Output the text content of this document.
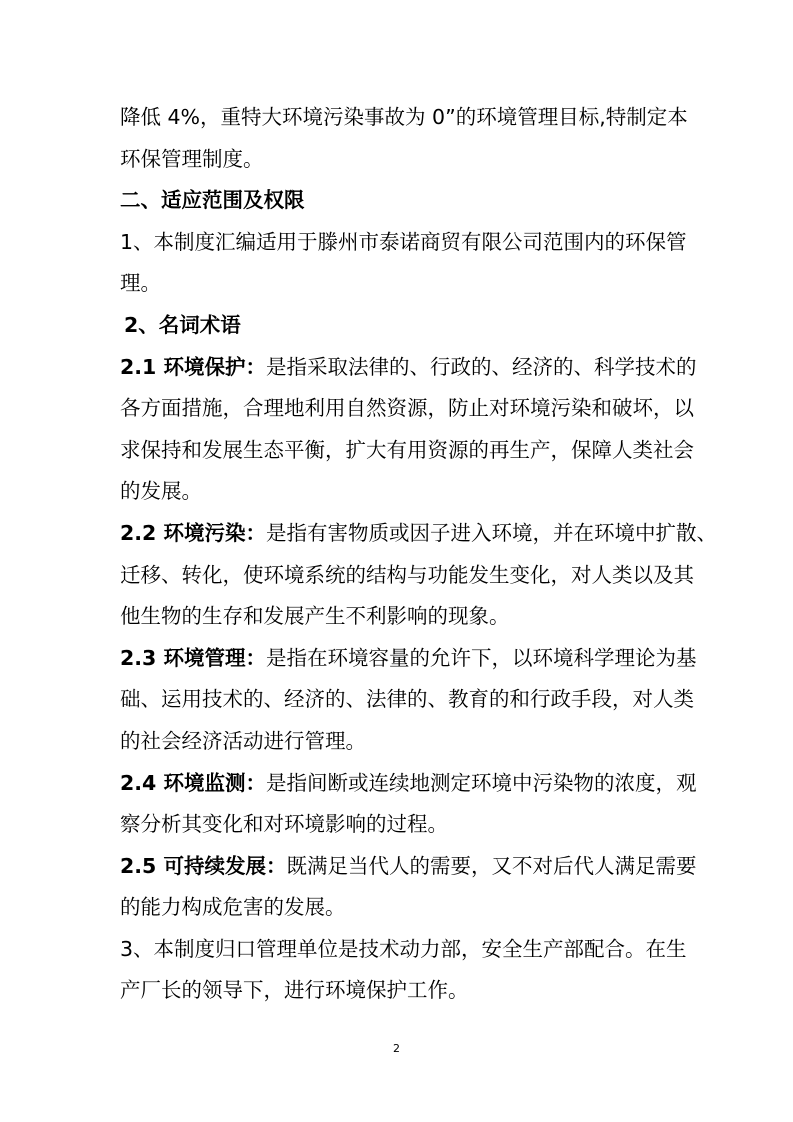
降低 4%，重特大环境污染事故为 0”的环境管理目标,特制定本
环保管理制度。
二、适应范围及权限
1、本制度汇编适用于滕州市泰诺商贸有限公司范围内的环保管
理。
2、名词术语
2.1 环境保护：是指采取法律的、行政的、经济的、科学技术的
各方面措施，合理地利用自然资源，防止对环境污染和破坏，以
求保持和发展生态平衡，扩大有用资源的再生产，保障人类社会
的发展。
2.2 环境污染：是指有害物质或因子进入环境，并在环境中扩散、
迁移、转化，使环境系统的结构与功能发生变化，对人类以及其
他生物的生存和发展产生不利影响的现象。
2.3 环境管理：是指在环境容量的允许下，以环境科学理论为基
础、运用技术的、经济的、法律的、教育的和行政手段，对人类
的社会经济活动进行管理。
2.4 环境监测：是指间断或连续地测定环境中污染物的浓度，观
察分析其变化和对环境影响的过程。
2.5 可持续发展：既满足当代人的需要，又不对后代人满足需要
的能力构成危害的发展。
3、本制度归口管理单位是技术动力部，安全生产部配合。在生
产厂长的领导下，进行环境保护工作。
2
